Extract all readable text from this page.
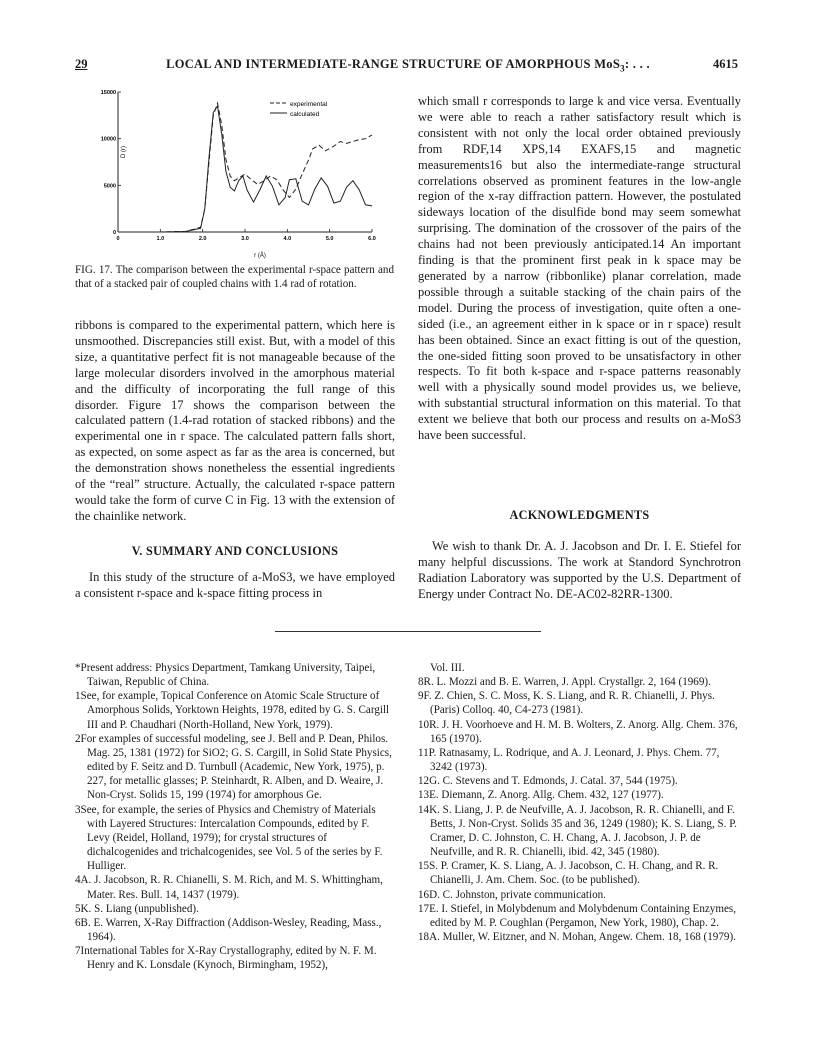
29	LOCAL AND INTERMEDIATE-RANGE STRUCTURE OF AMORPHOUS MoS$_3$: . . .	4615
0	1.0	2.0	3.0	4.0	5.0	6.0
0
5000
10000
15000
experimental
calculated
D (r)
r (Å)
FIG. 17. The comparison between the experimental r-space pattern and that of a stacked pair of coupled chains with 1.4 rad of rotation.

ribbons is compared to the experimental pattern, which here is unsmoothed. Discrepancies still exist. But, with a model of this size, a quantitative perfect fit is not manageable because of the large molecular disorders involved in the amorphous material and the difficulty of incorporating the full range of this disorder. Figure 17 shows the comparison between the calculated pattern (1.4-rad rotation of stacked ribbons) and the experimental one in r space. The calculated pattern falls short, as expected, on some aspect as far as the area is concerned, but the demonstration shows nonetheless the essential ingredients of the “real” structure. Actually, the calculated r-space pattern would take the form of curve C in Fig. 13 with the extension of the chainlike network.

V. SUMMARY AND CONCLUSIONS

In this study of the structure of a-MoS3, we have employed a consistent r-space and k-space fitting process in

which small r corresponds to large k and vice versa. Eventually we were able to reach a rather satisfactory result which is consistent with not only the local order obtained previously from RDF,14 XPS,14 EXAFS,15 and magnetic measurements16 but also the intermediate-range structural correlations observed as prominent features in the low-angle region of the x-ray diffraction pattern. However, the postulated sideways location of the disulfide bond may seem somewhat surprising. The domination of the crossover of the pairs of the chains had not been previously anticipated.14 An important finding is that the prominent first peak in k space may be generated by a narrow (ribbonlike) planar correlation, made possible through a suitable stacking of the chain pairs of the model. During the process of investigation, quite often a one-sided (i.e., an agreement either in k space or in r space) result has been obtained. Since an exact fitting is out of the question, the one-sided fitting soon proved to be unsatisfactory in other respects. To fit both k-space and r-space patterns reasonably well with a physically sound model provides us, we believe, with substantial structural information on this material. To that extent we believe that both our process and results on a-MoS3 have been successful.

ACKNOWLEDGMENTS

We wish to thank Dr. A. J. Jacobson and Dr. I. E. Stiefel for many helpful discussions. The work at Standord Synchrotron Radiation Laboratory was supported by the U.S. Department of Energy under Contract No. DE-AC02-82RR-1300.

*Present address: Physics Department, Tamkang University, Taipei, Taiwan, Republic of China.

1See, for example, Topical Conference on Atomic Scale Structure of Amorphous Solids, Yorktown Heights, 1978, edited by G. S. Cargill III and P. Chaudhari (North-Holland, New York, 1979).

2For examples of successful modeling, see J. Bell and P. Dean, Philos. Mag. 25, 1381 (1972) for SiO2; G. S. Cargill, in Solid State Physics, edited by F. Seitz and D. Turnbull (Academic, New York, 1975), p. 227, for metallic glasses; P. Steinhardt, R. Alben, and D. Weaire, J. Non-Cryst. Solids 15, 199 (1974) for amorphous Ge.

3See, for example, the series of Physics and Chemistry of Materials with Layered Structures: Intercalation Compounds, edited by F. Levy (Reidel, Holland, 1979); for crystal structures of dichalcogenides and trichalcogenides, see Vol. 5 of the series by F. Hulliger.

4A. J. Jacobson, R. R. Chianelli, S. M. Rich, and M. S. Whittingham, Mater. Res. Bull. 14, 1437 (1979).

5K. S. Liang (unpublished).

6B. E. Warren, X-Ray Diffraction (Addison-Wesley, Reading, Mass., 1964).

7International Tables for X-Ray Crystallography, edited by N. F. M. Henry and K. Lonsdale (Kynoch, Birmingham, 1952),

Vol. III.

8R. L. Mozzi and B. E. Warren, J. Appl. Crystallgr. 2, 164 (1969).

9F. Z. Chien, S. C. Moss, K. S. Liang, and R. R. Chianelli, J. Phys. (Paris) Colloq. 40, C4-273 (1981).

10R. J. H. Voorhoeve and H. M. B. Wolters, Z. Anorg. Allg. Chem. 376, 165 (1970).

11P. Ratnasamy, L. Rodrique, and A. J. Leonard, J. Phys. Chem. 77, 3242 (1973).

12G. C. Stevens and T. Edmonds, J. Catal. 37, 544 (1975).

13E. Diemann, Z. Anorg. Allg. Chem. 432, 127 (1977).

14K. S. Liang, J. P. de Neufville, A. J. Jacobson, R. R. Chianelli, and F. Betts, J. Non-Cryst. Solids 35 and 36, 1249 (1980); K. S. Liang, S. P. Cramer, D. C. Johnston, C. H. Chang, A. J. Jacobson, J. P. de Neufville, and R. R. Chianelli, ibid. 42, 345 (1980).

15S. P. Cramer, K. S. Liang, A. J. Jacobson, C. H. Chang, and R. R. Chianelli, J. Am. Chem. Soc. (to be published).

16D. C. Johnston, private communication.

17E. I. Stiefel, in Molybdenum and Molybdenum Containing Enzymes, edited by M. P. Coughlan (Pergamon, New York, 1980), Chap. 2.

18A. Muller, W. Eitzner, and N. Mohan, Angew. Chem. 18, 168 (1979).
